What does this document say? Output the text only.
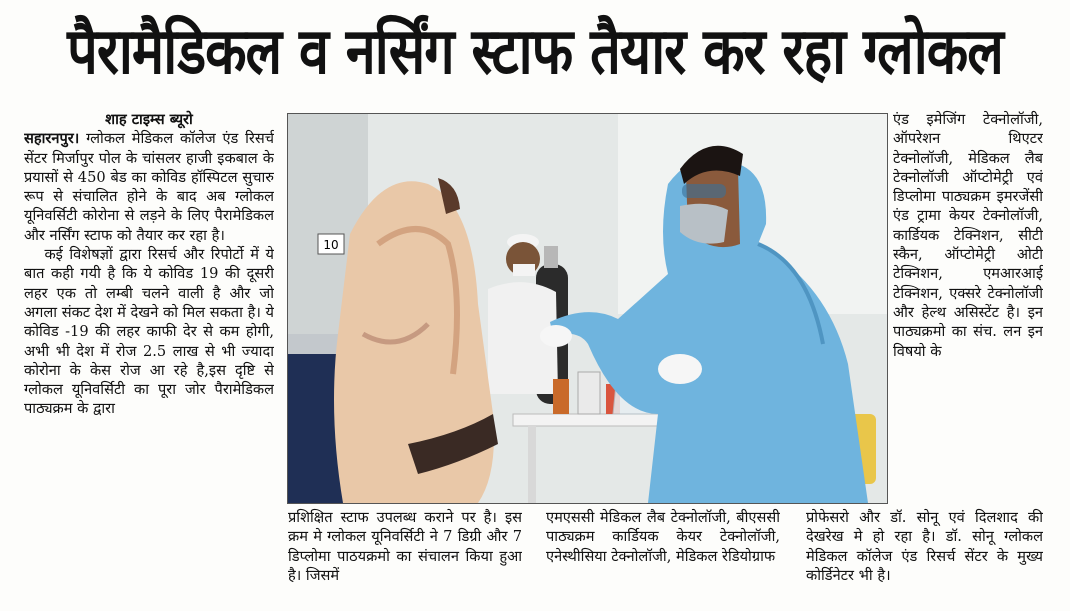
पैरामैडिकल व नर्सिंग स्टाफ तैयार कर रहा ग्लोकल

शाह टाइम्स ब्यूरो
सहारनपुर। ग्लोकल मेडिकल कॉलेज एंड रिसर्च सेंटर मिर्जापुर पोल के चांसलर हाजी इकबाल के प्रयासों से 450 बेड का कोविड हॉस्पिटल सुचारु रूप से संचालित होने के बाद अब ग्लोकल यूनिवर्सिटी कोरोना से लड़ने के लिए पैरामेडिकल और नर्सिंग स्टाफ को तैयार कर रहा है।

कई विशेषज्ञों द्वारा रिसर्च और रिपोर्टो में ये बात कही गयी है कि ये कोविड 19 की दूसरी लहर एक तो लम्बी चलने वाली है और जो अगला संकट देश में देखने को मिल सकता है। ये कोविड -19 की लहर काफी देर से कम होगी, अभी भी देश में रोज 2.5 लाख से भी ज्यादा कोरोना के केस रोज आ रहे है,इस दृष्टि से ग्लोकल यूनिवर्सिटी का पूरा जोर पैरामेडिकल पाठ्यक्रम के द्वारा

10
एंड इमेजिंग टेक्नोलॉजी, ऑपरेशन थिएटर टेक्नोलॉजी, मेडिकल लैब टेक्नोलॉजी ऑप्टोमेट्री एवं डिप्लोमा पाठ्यक्रम इमरजेंसी एंड ट्रामा केयर टेक्नोलॉजी, कार्डियक टेक्निशन, सीटी स्कैन, ऑप्टोमेट्री ओटी टेक्निशन, एमआरआई टेक्निशन, एक्सरे टेक्नोलॉजी और हेल्थ असिस्टेंट है। इन पाठ्यक्रमो का संच. लन इन विषयो के
प्रशिक्षित स्टाफ उपलब्ध कराने पर है। इस क्रम मे ग्लोकल यूनिवर्सिटी ने 7 डिग्री और 7 डिप्लोमा पाठयक्रमो का संचालन किया हुआ है। जिसमें
एमएससी मेडिकल लैब टेक्नोलॉजी, बीएससी पाठ्यक्रम कार्डियक केयर टेक्नोलॉजी, एनेस्थीसिया टेक्नोलॉजी, मेडिकल रेडियोग्राफ
प्रोफेसरो और डॉ. सोनू एवं दिलशाद की देखरेख मे हो रहा है। डॉ. सोनू ग्लोकल मेडिकल कॉलेज एंड रिसर्च सेंटर के मुख्य कोर्डिनेटर भी है।
